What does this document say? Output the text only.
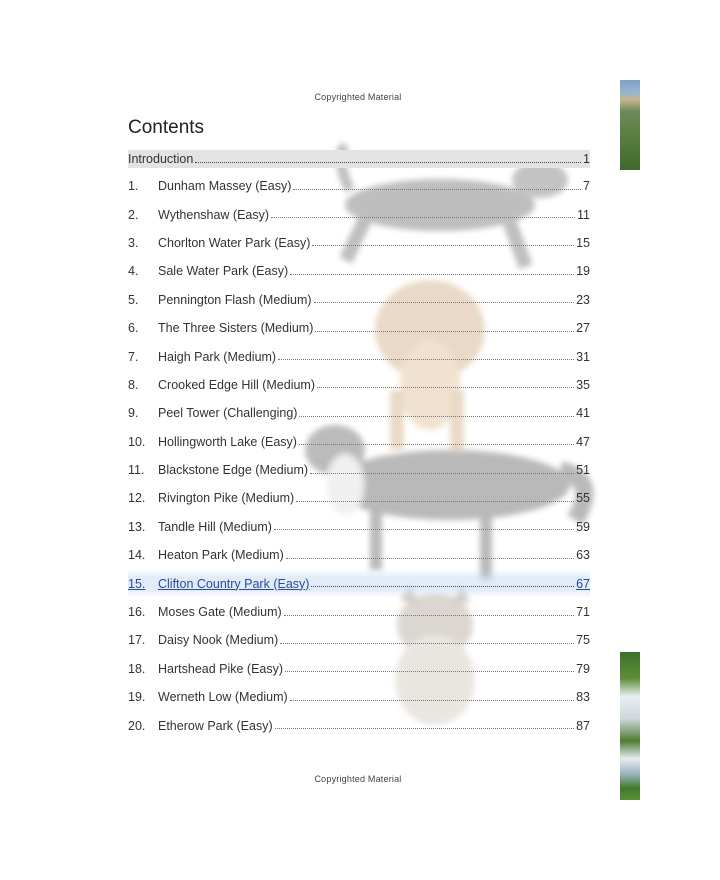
Copyrighted Material
Contents
Introduction	1
1.	Dunham Massey (Easy)	7
2.	Wythenshaw (Easy)	11
3.	Chorlton Water Park (Easy)	15
4.	Sale Water Park (Easy)	19
5.	Pennington Flash (Medium)	23
6.	The Three Sisters (Medium)	27
7.	Haigh Park (Medium)	31
8.	Crooked Edge Hill (Medium)	35
9.	Peel Tower (Challenging)	41
10.	Hollingworth Lake (Easy)	47
11.	Blackstone Edge (Medium)	51
12.	Rivington Pike (Medium)	55
13.	Tandle Hill (Medium)	59
14.	Heaton Park (Medium)	63
15.	Clifton Country Park (Easy)	67
16.	Moses Gate (Medium)	71
17.	Daisy Nook (Medium)	75
18.	Hartshead Pike (Easy)	79
19.	Werneth Low (Medium)	83
20.	Etherow Park (Easy)	87
Copyrighted Material
